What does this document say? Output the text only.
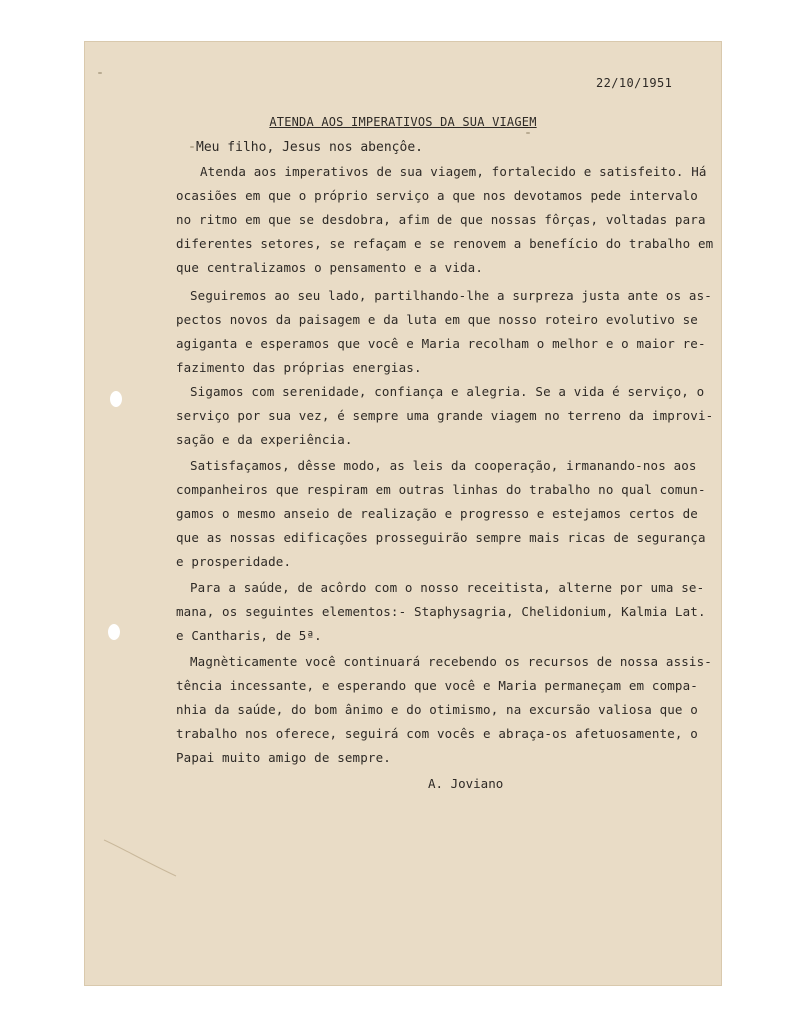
22/10/1951
ATENDA AOS IMPERATIVOS DA SUA VIAGEM
Meu filho, Jesus nos abençôe.
Atenda aos imperativos de sua viagem, fortalecido e satisfeito. Há
ocasiões em que o próprio serviço a que nos devotamos pede intervalo
no ritmo em que se desdobra, afim de que nossas fôrças, voltadas para
diferentes setores, se refaçam e se renovem a benefício do trabalho em
que centralizamos o pensamento e a vida.
Seguiremos ao seu lado, partilhando-lhe a surpreza justa ante os as-
pectos novos da paisagem e da luta em que nosso roteiro evolutivo se
agiganta e esperamos que você e Maria recolham o melhor e o maior re-
fazimento das próprias energias.
Sigamos com serenidade, confiança e alegria. Se a vida é serviço, o
serviço por sua vez, é sempre uma grande viagem no terreno da improvi-
sação e da experiência.
Satisfaçamos, dêsse modo, as leis da cooperação, irmanando-nos aos
companheiros que respiram em outras linhas do trabalho no qual comun-
gamos o mesmo anseio de realização e progresso e estejamos certos de
que as nossas edificações prosseguirão sempre mais ricas de segurança
e prosperidade.
Para a saúde, de acôrdo com o nosso receitista, alterne por uma se-
mana, os seguintes elementos:- Staphysagria, Chelidonium, Kalmia Lat.
e Cantharis, de 5ª.
Magnèticamente você continuará recebendo os recursos de nossa assis-
tência incessante, e esperando que você e Maria permaneçam em compa-
nhia da saúde, do bom ânimo e do otimismo, na excursão valiosa que o
trabalho nos oferece, seguirá com vocês e abraça-os afetuosamente, o
Papai muito amigo de sempre.
A. Joviano
